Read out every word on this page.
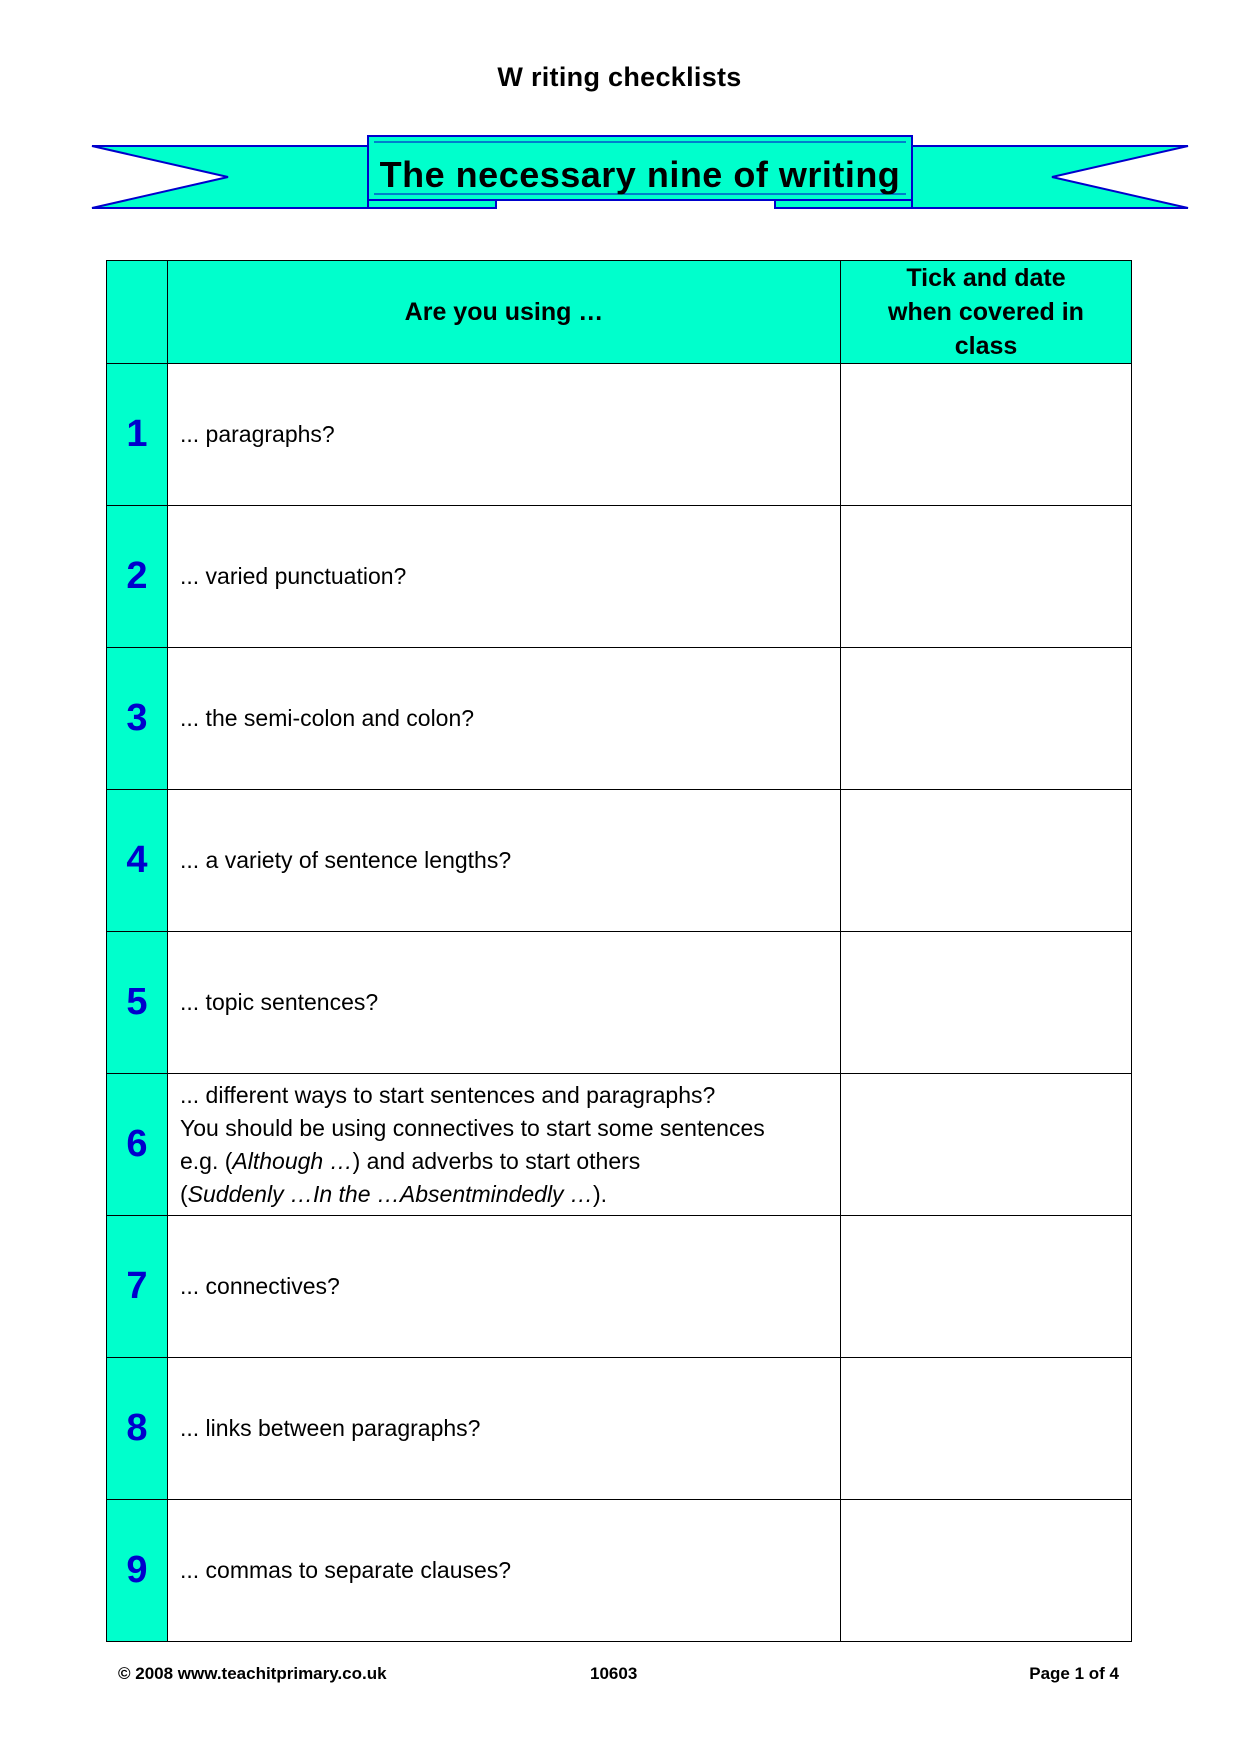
W riting checklists
The necessary nine of writing
	Are you using …	Tick and date when covered in class

1	... paragraphs?	
2	... varied punctuation?	
3	... the semi-colon and colon?	
4	... a variety of sentence lengths?	
5	... topic sentences?	
6	... different ways to start sentences and paragraphs?
You should be using connectives to start some sentences
e.g. (Although …) and adverbs to start others
(Suddenly …In the …Absentmindedly …).	

7	... connectives?	
8	... links between paragraphs?	
9	... commas to separate clauses?	
© 2008 www.teachitprimary.co.uk	10603	Page 1 of 4
